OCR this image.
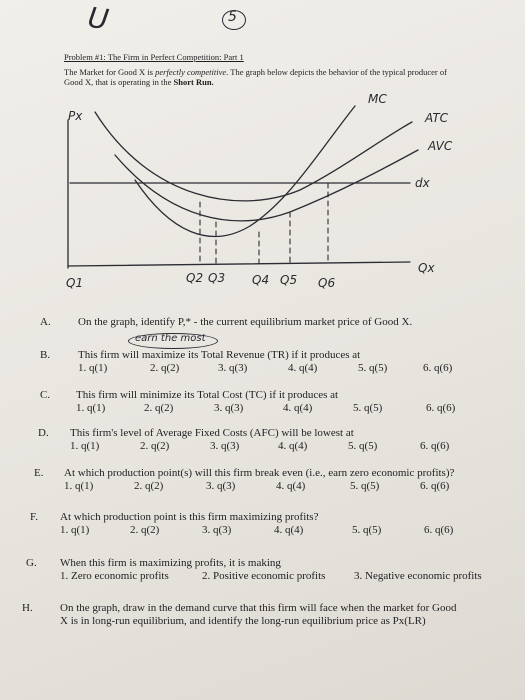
U	5
Problem #1: The Firm in Perfect Competition: Part 1
The Market for Good X is perfectly competitive. The graph below depicts the behavior of the typical producer of Good X, that is operating in the Short Run.
Px
MC
ATC
AVC
dx
Qx
Q1	Q2 Q3 Q4 Q5 Q6
A. On the graph, identify P,* - the current equilibrium market price of Good X.
earn the most
B.	This firm will maximize its Total Revenue (TR) if it produces at
1. q(1)	2. q(2)	3. q(3)	4. q(4)	5. q(5)	6. q(6)
C. This firm will minimize its Total Cost (TC) if it produces at
1. q(1)	2. q(2)	3. q(3)	4. q(4)	5. q(5)	6. q(6)
D. This firm's level of Average Fixed Costs (AFC) will be lowest at
1. q(1)	2. q(2)	3. q(3)	4. q(4)	5. q(5)	6. q(6)
E. At which production point(s) will this firm break even (i.e., earn zero economic profits)?
1. q(1)	2. q(2)	3. q(3)	4. q(4)	5. q(5)	6. q(6)
F. At which production point is this firm maximizing profits?
1. q(1)	2. q(2)	3. q(3)	4. q(4)	5. q(5)	6. q(6)
G. When this firm is maximizing profits, it is making
1. Zero economic profits	2. Positive economic profits	3. Negative economic profits
H. On the graph, draw in the demand curve that this firm will face when the market for Good
X is in long-run equilibrium, and identify the long-run equilibrium price as Px(LR)
